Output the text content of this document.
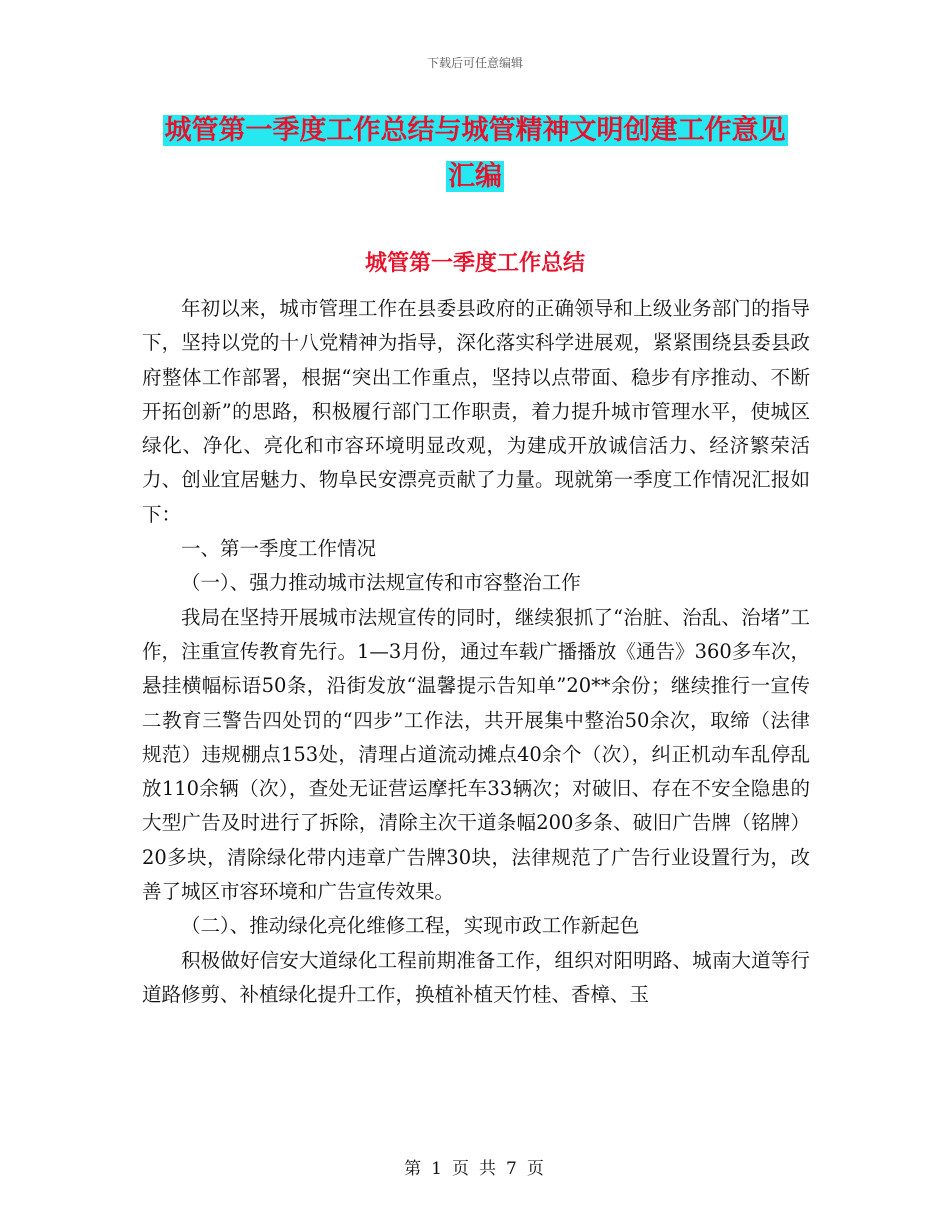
下载后可任意编辑
城管第一季度工作总结与城管精神文明创建工作意见
汇编
城管第一季度工作总结

年初以来，城市管理工作在县委县政府的正确领导和上级业务部门的指导下，坚持以党的十八党精神为指导，深化落实科学进展观，紧紧围绕县委县政府整体工作部署，根据“突出工作重点，坚持以点带面、稳步有序推动、不断开拓创新”的思路，积极履行部门工作职责，着力提升城市管理水平，使城区绿化、净化、亮化和市容环境明显改观，为建成开放诚信活力、经济繁荣活力、创业宜居魅力、物阜民安漂亮贡献了力量。现就第一季度工作情况汇报如下：

一、第一季度工作情况

（一）、强力推动城市法规宣传和市容整治工作

我局在坚持开展城市法规宣传的同时，继续狠抓了“治脏、治乱、治堵”工作，注重宣传教育先行。1—3月份，通过车载广播播放《通告》360多车次，悬挂横幅标语50条，沿街发放“温馨提示告知单”20**余份；继续推行一宣传二教育三警告四处罚的“四步”工作法，共开展集中整治50余次，取缔（法律规范）违规棚点153处，清理占道流动摊点40余个（次），纠正机动车乱停乱放110余辆（次），查处无证营运摩托车33辆次；对破旧、存在不安全隐患的大型广告及时进行了拆除，清除主次干道条幅200多条、破旧广告牌（铭牌）20多块，清除绿化带内违章广告牌30块，法律规范了广告行业设置行为，改善了城区市容环境和广告宣传效果。

（二）、推动绿化亮化维修工程，实现市政工作新起色

积极做好信安大道绿化工程前期准备工作，组织对阳明路、城南大道等行道路修剪、补植绿化提升工作，换植补植天竹桂、香樟、玉

第 1 页 共 7 页
